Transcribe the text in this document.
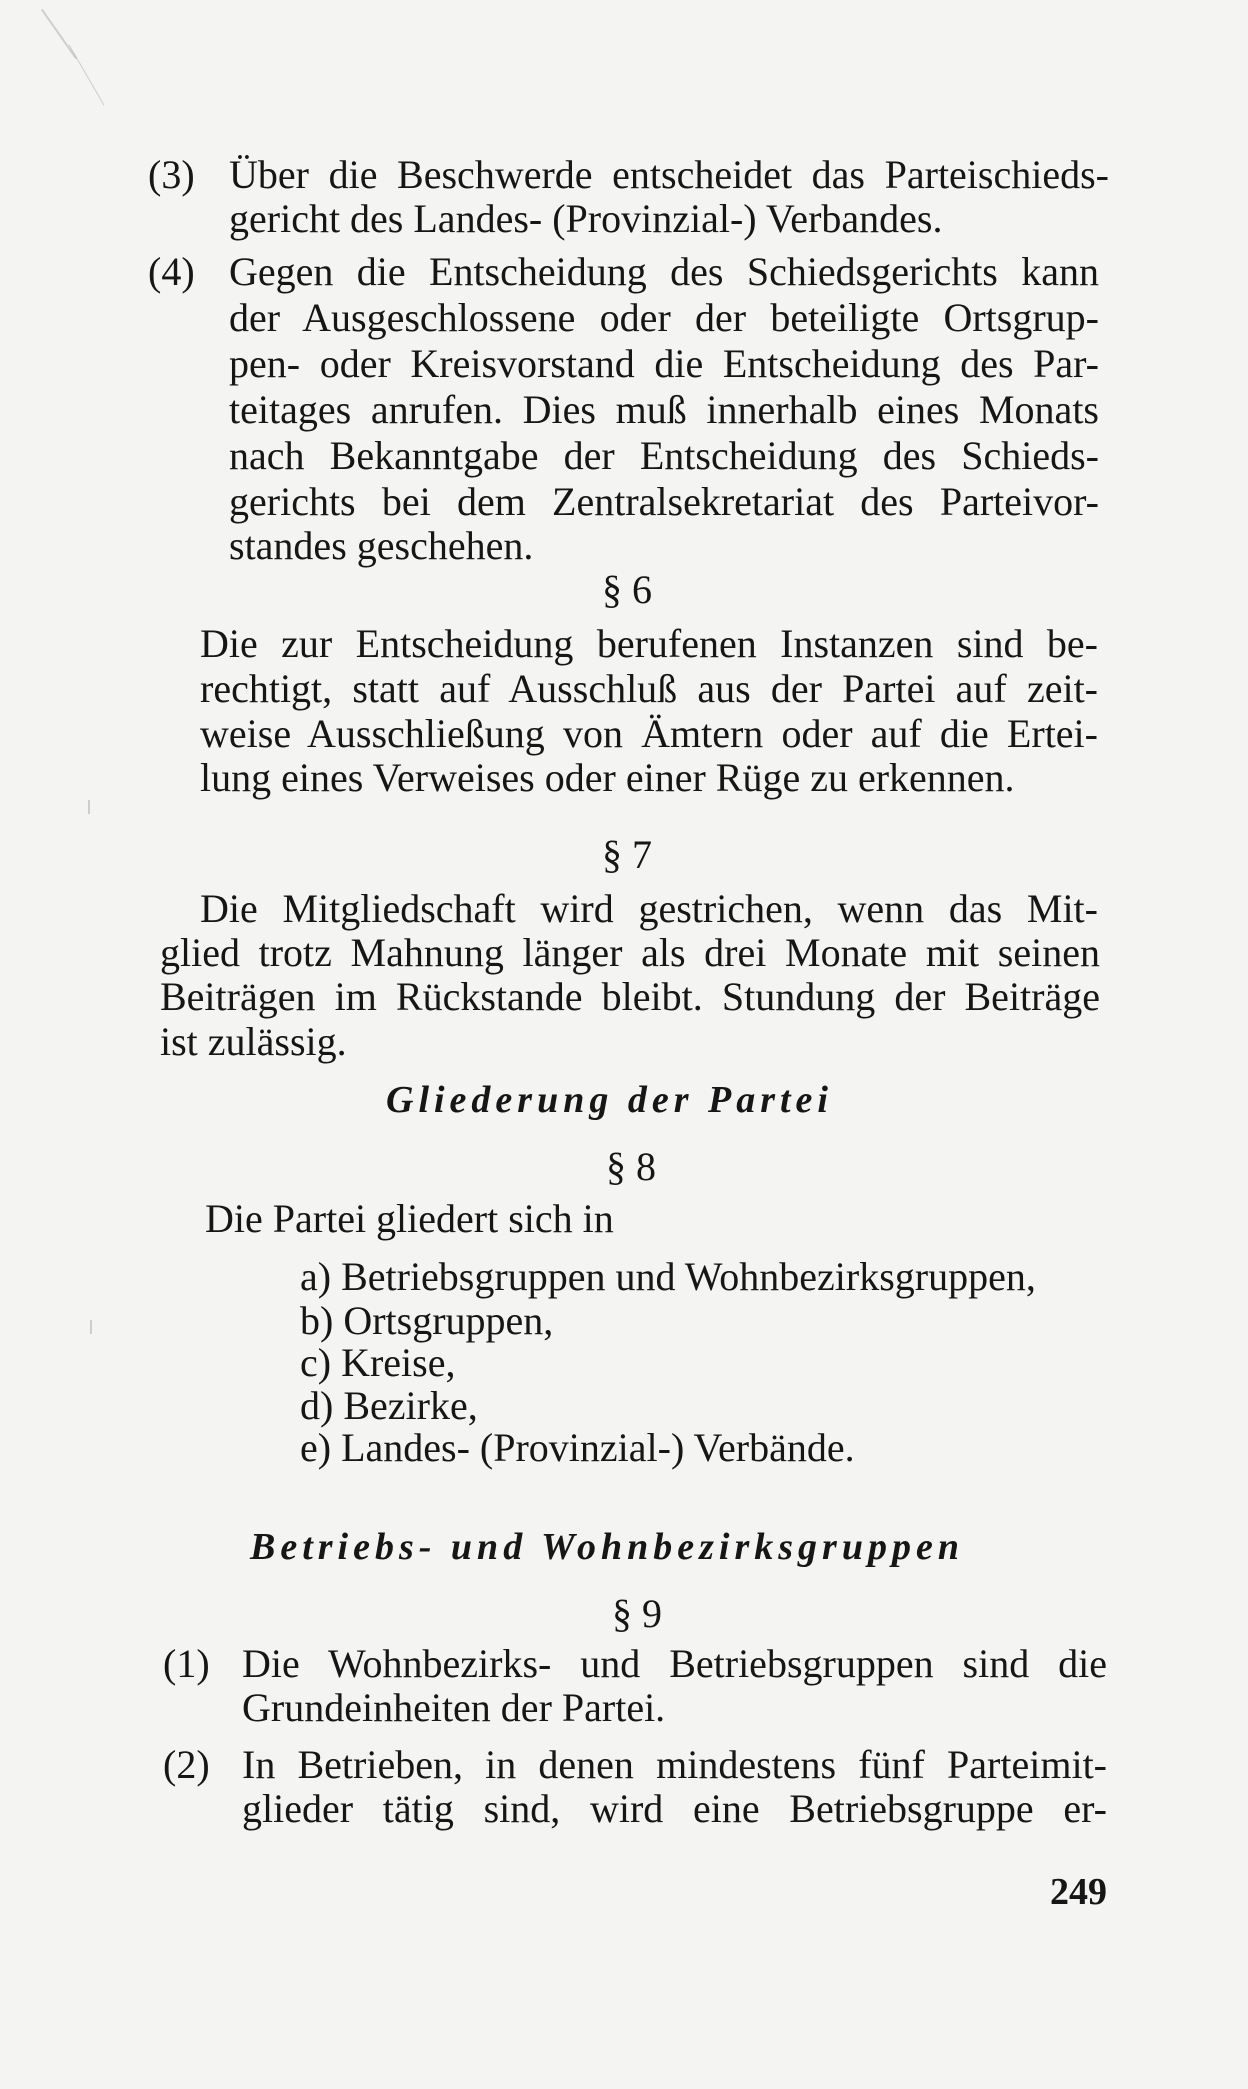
(3) Über die Beschwerde entscheidet das Parteischieds-
gericht des Landes- (Provinzial-) Verbandes.
(4) Gegen die Entscheidung des Schiedsgerichts kann
der Ausgeschlossene oder der beteiligte Ortsgrup-
pen- oder Kreisvorstand die Entscheidung des Par-
teitages anrufen. Dies muß innerhalb eines Monats
nach Bekanntgabe der Entscheidung des Schieds-
gerichts bei dem Zentralsekretariat des Parteivor-
standes geschehen.
§ 6
Die zur Entscheidung berufenen Instanzen sind be-
rechtigt, statt auf Ausschluß aus der Partei auf zeit-
weise Ausschließung von Ämtern oder auf die Ertei-
lung eines Verweises oder einer Rüge zu erkennen.
§ 7
Die Mitgliedschaft wird gestrichen, wenn das Mit-
glied trotz Mahnung länger als drei Monate mit seinen
Beiträgen im Rückstande bleibt. Stundung der Beiträge
ist zulässig.
Gliederung der Partei
§ 8
Die Partei gliedert sich in
a) Betriebsgruppen und Wohnbezirksgruppen,
b) Ortsgruppen,
c) Kreise,
d) Bezirke,
e) Landes- (Provinzial-) Verbände.
Betriebs- und Wohnbezirksgruppen
§ 9
(1) Die Wohnbezirks- und Betriebsgruppen sind die
Grundeinheiten der Partei.
(2) In Betrieben, in denen mindestens fünf Parteimit-
glieder tätig sind, wird eine Betriebsgruppe er-
249
